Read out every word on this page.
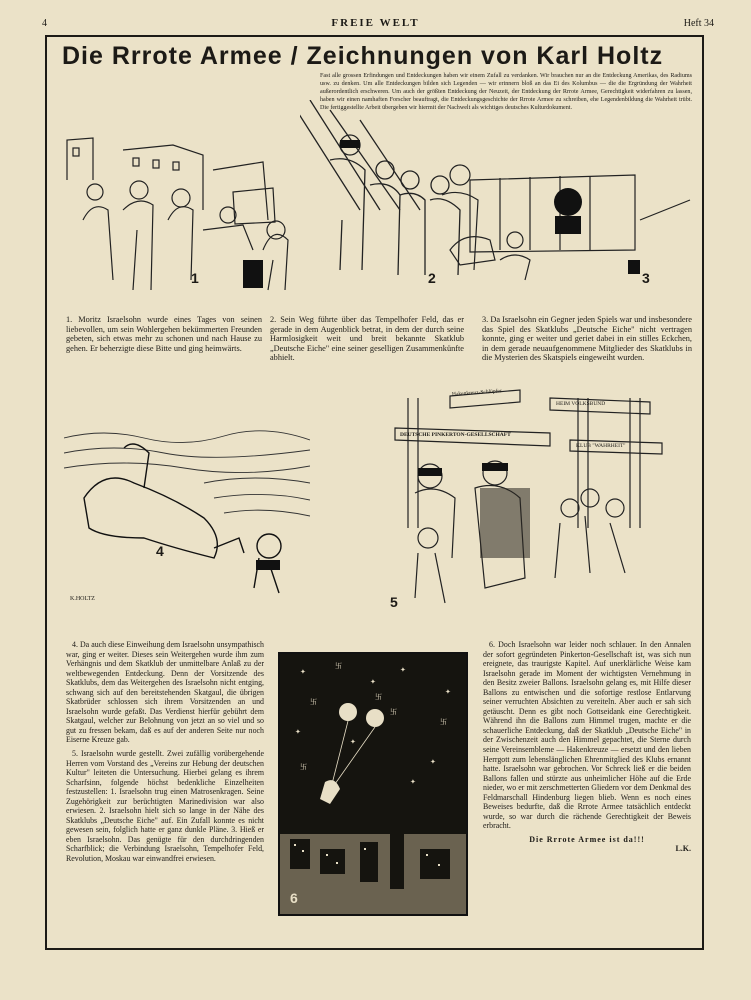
4	FREIE WELT	Heft 34
Die Rrrote Armee / Zeichnungen von Karl Holtz
Fast alle grossen Erfindungen und Entdeckungen haben wir einem Zufall zu verdanken. Wir brauchen nur an die Entdeckung Amerikas, des Radiums usw. zu denken. Um alle Entdeckungen bilden sich Legenden — wir erinnern bloß an das Ei des Kolumbus — die die Ergründung der Wahrheit außerordentlich erschweren. Um auch der größten Entdeckung der Neuzeit, der Entdeckung der Rrrote Armee, Gerechtigkeit widerfahren zu lassen, haben wir einen namhaften Forscher beauftragt, die Entdeckungsgeschichte der Rrrote Armee zu schreiben, ehe Legendenbildung die Wahrheit trübt. Die fertiggestellte Arbeit übergeben wir hiermit der Nachwelt als wichtiges deutsches Kulturdokument.
1	2	3
1. Moritz Israelsohn wurde eines Tages von seinen liebevollen, um sein Wohlergehen bekümmerten Freunden gebeten, sich etwas mehr zu schonen und nach Hause zu gehen. Er beherzigte diese Bitte und ging heimwärts.
2. Sein Weg führte über das Tempelhofer Feld, das er gerade in dem Augenblick betrat, in dem der durch seine Harmlosigkeit weit und breit bekannte Skatklub „Deutsche Eiche" eine seiner geselligen Zusammenkünfte abhielt.
3. Da Israelsohn ein Gegner jeden Spiels war und insbesondere das Spiel des Skatklubs „Deutsche Eiche" nicht vertragen konnte, ging er weiter und geriet dabei in ein stilles Eckchen, in dem gerade neuaufgenommene Mitglieder des Skatklubs in die Mysterien des Skatspiels eingeweiht wurden.
4
K.HOLTZ
Hakenkreuz-Schlüpfer
HEIM VOLKSBUND
DEUTSCHE PINKERTON-GESELLSCHAFT
KLUB "WAHRHEIT"
5
✦
卐
✦
卐
✦
卐
✦
卐
✦
✦
卐
✦
卐
✦
6

4. Da auch diese Einweihung dem Israelsohn unsympathisch war, ging er weiter. Dieses sein Weitergehen wurde ihm zum Verhängnis und dem Skatklub der unmittelbare Anlaß zu der weltbewegenden Entdeckung. Denn der Vorsitzende des Skatklubs, dem das Weitergehen des Israelsohn nicht entging, schwang sich auf den bereitstehenden Skatgaul, die übrigen Skatbrüder schlossen sich ihrem Vorsitzenden an und Israelsohn wurde gefaßt. Das Verdienst hierfür gebührt dem Skatgaul, welcher zur Belohnung von jetzt an so viel und so gut zu fressen bekam, daß es auf der anderen Seite nur noch Eiserne Kreuze gab.

5. Israelsohn wurde gestellt. Zwei zufällig vorübergehende Herren vom Vorstand des „Vereins zur Hebung der deutschen Kultur" leiteten die Untersuchung. Hierbei gelang es ihrem Scharfsinn, folgende höchst bedenkliche Einzelheiten festzustellen: 1. Israelsohn trug einen Matrosenkragen. Seine Zugehörigkeit zur berüchtigten Marinedivision war also erwiesen. 2. Israelsohn hielt sich so lange in der Nähe des Skatklubs „Deutsche Eiche" auf. Ein Zufall konnte es nicht gewesen sein, folglich hatte er ganz dunkle Pläne. 3. Hieß er eben Israelsohn. Das genügte für den durchdringenden Scharfblick; die Verbindung Israelsohn, Tempelhofer Feld, Revolution, Moskau war einwandfrei erwiesen.

6. Doch Israelsohn war leider noch schlauer. In den Annalen der sofort gegründeten Pinkerton-Gesellschaft ist, was sich nun ereignete, das traurigste Kapitel. Auf unerklärliche Weise kam Israelsohn gerade im Moment der wichtigsten Vernehmung in den Besitz zweier Ballons. Israelsohn gelang es, mit Hilfe dieser Ballons zu entwischen und die sofortige restlose Entlarvung seiner verruchten Absichten zu vereiteln. Aber auch er sah sich getäuscht. Denn es gibt noch Gottseidank eine Gerechtigkeit. Während ihn die Ballons zum Himmel trugen, machte er die schauerliche Entdeckung, daß der Skatklub „Deutsche Eiche" in der Zwischenzeit auch den Himmel gepachtet, die Sterne durch seine Vereinsembleme — Hakenkreuze — ersetzt und den lieben Herrgott zum lebenslänglichen Ehrenmitglied des Klubs ernannt hatte. Israelsohn war gebrochen. Vor Schreck ließ er die beiden Ballons fallen und stürzte aus unheimlicher Höhe auf die Erde nieder, wo er mit zerschmetterten Gliedern vor dem Denkmal des Feldmarschall Hindenburg liegen blieb. Wenn es noch eines Beweises bedurfte, daß die Rrrote Armee tatsächlich entdeckt wurde, so war durch die rächende Gerechtigkeit der Beweis erbracht.

Die Rrrote Armee ist da!!!
L.K.
